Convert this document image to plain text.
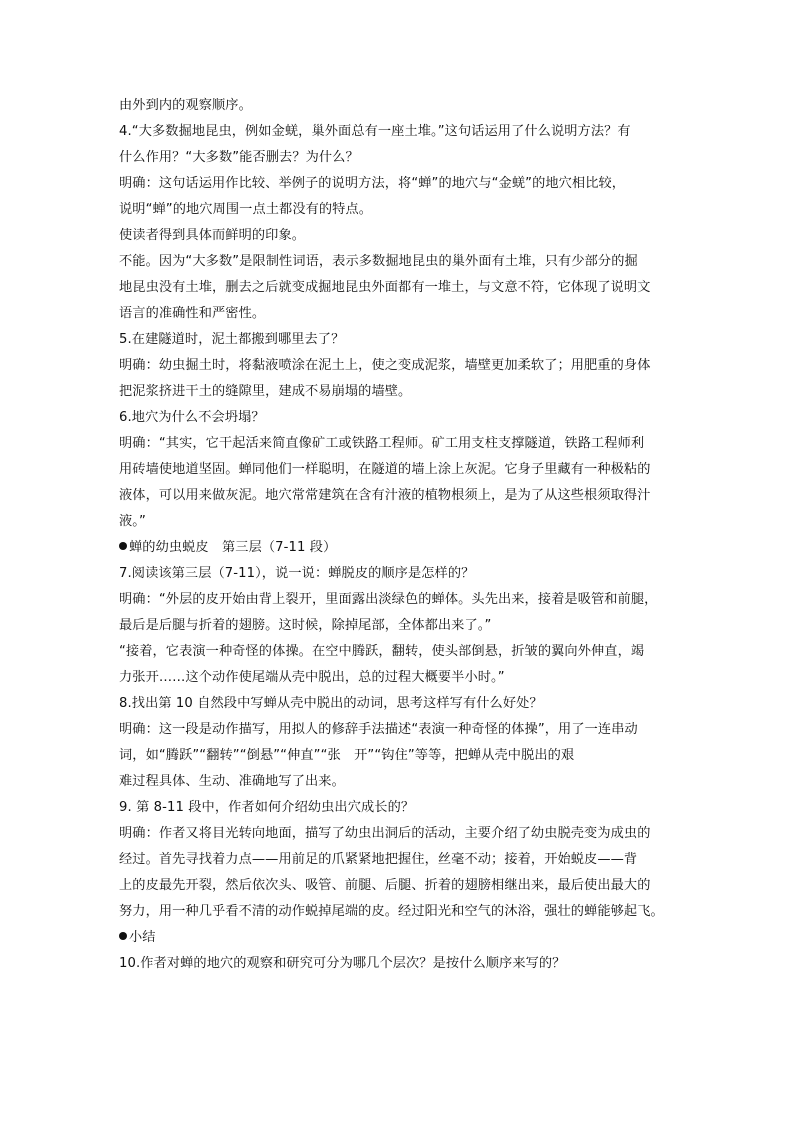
由外到内的观察顺序。
4.“大多数掘地昆虫，例如金蜣，巢外面总有一座土堆。”这句话运用了什么说明方法？有
什么作用？“大多数”能否删去？为什么？
明确：这句话运用作比较、举例子的说明方法，将“蝉”的地穴与“金蜣”的地穴相比较，
说明“蝉”的地穴周围一点土都没有的特点。
使读者得到具体而鲜明的印象。
不能。因为“大多数”是限制性词语，表示多数掘地昆虫的巢外面有土堆，只有少部分的掘
地昆虫没有土堆，删去之后就变成掘地昆虫外面都有一堆土，与文意不符，它体现了说明文
语言的准确性和严密性。
5.在建隧道时，泥土都搬到哪里去了？
明确：幼虫掘土时，将黏液喷涂在泥土上，使之变成泥浆，墙壁更加柔软了；用肥重的身体
把泥浆挤进干土的缝隙里，建成不易崩塌的墙壁。
6.地穴为什么不会坍塌？
明确：“其实，它干起活来简直像矿工或铁路工程师。矿工用支柱支撑隧道，铁路工程师利
用砖墙使地道坚固。蝉同他们一样聪明，在隧道的墙上涂上灰泥。它身子里藏有一种极粘的
液体，可以用来做灰泥。地穴常常建筑在含有汁液的植物根须上，是为了从这些根须取得汁
液。”
蝉的幼虫蜕皮　第三层（7-11 段）
7.阅读该第三层（7-11），说一说：蝉脱皮的顺序是怎样的？
明确：“外层的皮开始由背上裂开，里面露出淡绿色的蝉体。头先出来，接着是吸管和前腿，
最后是后腿与折着的翅膀。这时候，除掉尾部，全体都出来了。”
“接着，它表演一种奇怪的体操。在空中腾跃，翻转，使头部倒悬，折皱的翼向外伸直，竭
力张开……这个动作使尾端从壳中脱出，总的过程大概要半小时。”
8.找出第 10 自然段中写蝉从壳中脱出的动词，思考这样写有什么好处？
明确：这一段是动作描写，用拟人的修辞手法描述“表演一种奇怪的体操”，用了一连串动
词，如“腾跃”“翻转”“倒悬”“伸直”“张　开”“钩住”等等，把蝉从壳中脱出的艰
难过程具体、生动、准确地写了出来。
9. 第 8-11 段中，作者如何介绍幼虫出穴成长的？
明确：作者又将目光转向地面，描写了幼虫出洞后的活动，主要介绍了幼虫脱壳变为成虫的
经过。首先寻找着力点——用前足的爪紧紧地把握住，丝毫不动；接着，开始蜕皮——背
上的皮最先开裂，然后依次头、吸管、前腿、后腿、折着的翅膀相继出来，最后使出最大的
努力，用一种几乎看不清的动作蜕掉尾端的皮。经过阳光和空气的沐浴，强壮的蝉能够起飞。
小结
10.作者对蝉的地穴的观察和研究可分为哪几个层次？是按什么顺序来写的？
